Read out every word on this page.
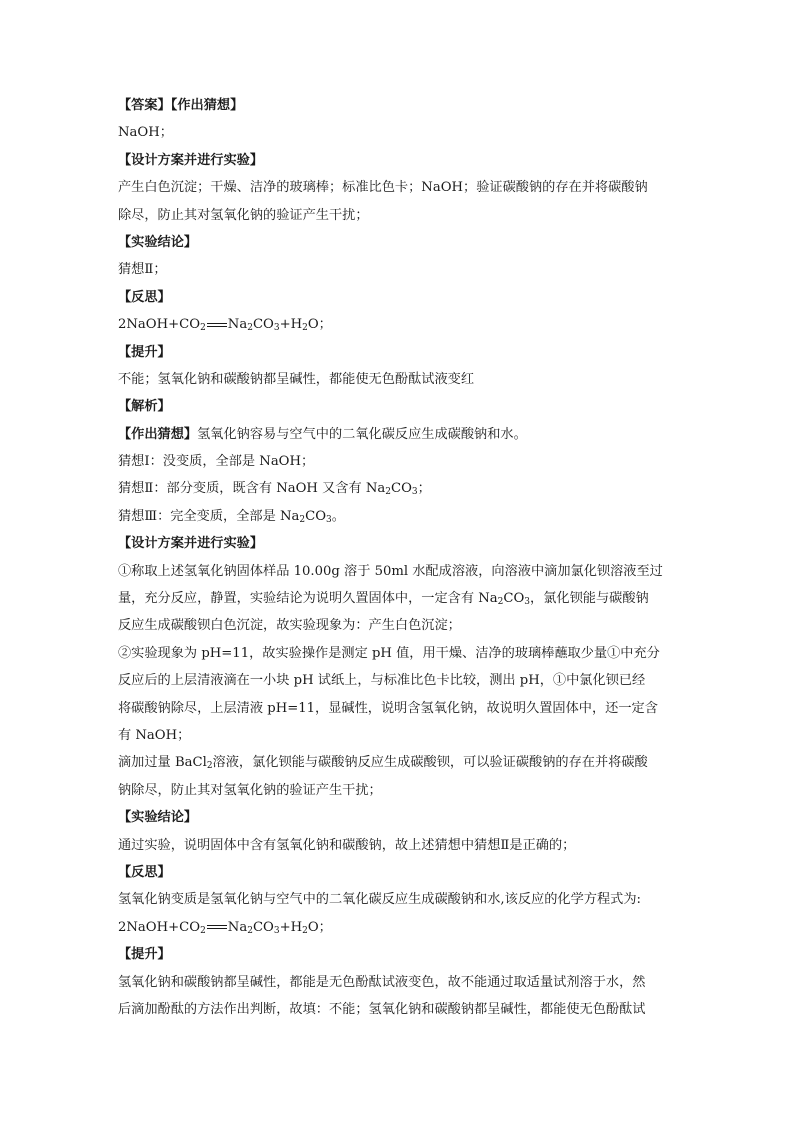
【答案】【作出猜想】
NaOH；
【设计方案并进行实验】
产生白色沉淀；干燥、洁净的玻璃棒；标准比色卡；NaOH；验证碳酸钠的存在并将碳酸钠
除尽，防止其对氢氧化钠的验证产生干扰；
【实验结论】
猜想Ⅱ；
【反思】
$2NaOH+CO_2$ $Na_2CO_3+H_2O$；
【提升】
不能；氢氧化钠和碳酸钠都呈碱性，都能使无色酚酞试液变红
【解析】
【作出猜想】氢氧化钠容易与空气中的二氧化碳反应生成碳酸钠和水。
猜想Ⅰ：没变质，全部是 NaOH；
猜想Ⅱ：部分变质，既含有 NaOH 又含有 $Na_2CO_3$；
猜想Ⅲ：完全变质，全部是 $Na_2CO_3$。
【设计方案并进行实验】
①称取上述氢氧化钠固体样品 10.00g 溶于 50ml 水配成溶液，向溶液中滴加氯化钡溶液至过
量，充分反应，静置，实验结论为说明久置固体中，一定含有 $Na_2CO_3$，氯化钡能与碳酸钠
反应生成碳酸钡白色沉淀，故实验现象为：产生白色沉淀；
②实验现象为 pH=11，故实验操作是测定 pH 值，用干燥、洁净的玻璃棒蘸取少量①中充分
反应后的上层清液滴在一小块 pH 试纸上，与标准比色卡比较，测出 pH，①中氯化钡已经
将碳酸钠除尽，上层清液 pH=11，显碱性，说明含氢氧化钠，故说明久置固体中，还一定含
有 NaOH；
滴加过量 BaCl$_2$溶液，氯化钡能与碳酸钠反应生成碳酸钡，可以验证碳酸钠的存在并将碳酸
钠除尽，防止其对氢氧化钠的验证产生干扰；
【实验结论】
通过实验，说明固体中含有氢氧化钠和碳酸钠，故上述猜想中猜想Ⅱ是正确的；
【反思】
氢氧化钠变质是氢氧化钠与空气中的二氧化碳反应生成碳酸钠和水,该反应的化学方程式为:
$2NaOH+CO_2$ $Na_2CO_3+H_2O$；
【提升】
氢氧化钠和碳酸钠都呈碱性，都能是无色酚酞试液变色，故不能通过取适量试剂溶于水，然
后滴加酚酞的方法作出判断，故填：不能；氢氧化钠和碳酸钠都呈碱性，都能使无色酚酞试
